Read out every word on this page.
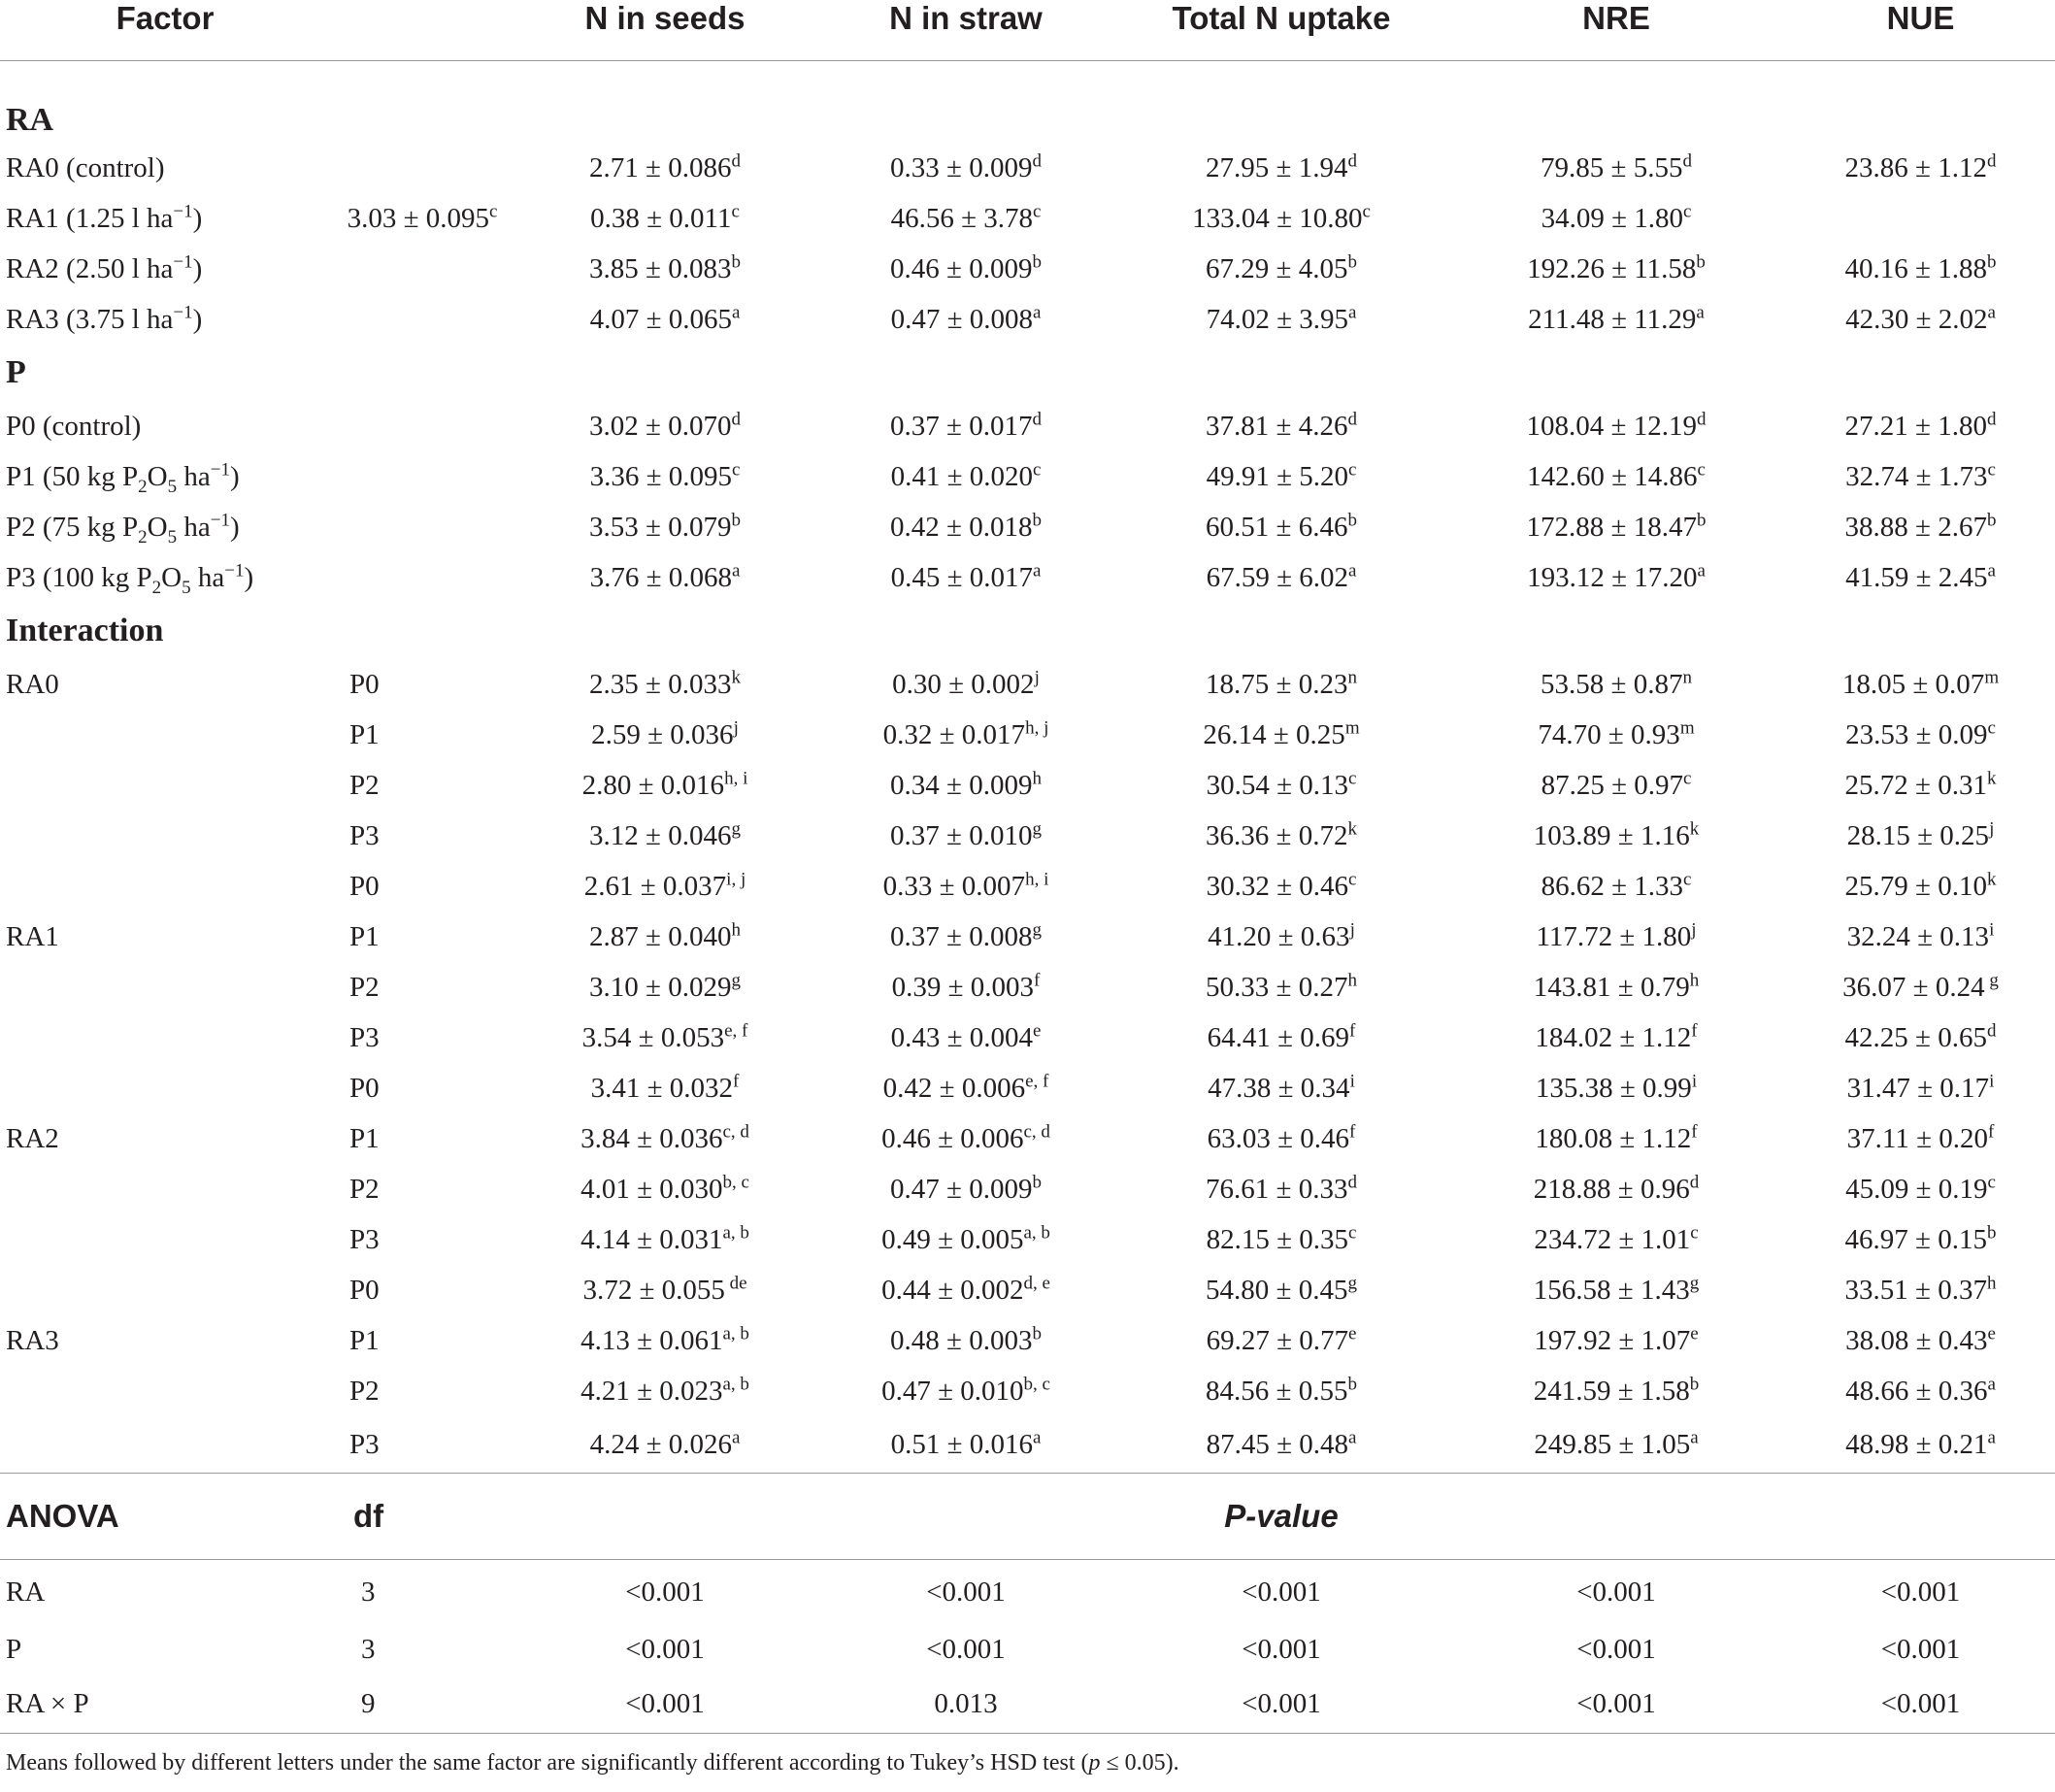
Factor		N in seeds	N in straw	Total N uptake	NRE	NUE
RA						
RA0 (control)		2.71 ± 0.086$^d$	0.33 ± 0.009$^d$	27.95 ± 1.94$^d$	79.85 ± 5.55$^d$	23.86 ± 1.12$^d$
RA1 (1.25 l $ha^{-1}$)	3.03 ± 0.095$^c$	0.38 ± 0.011$^c$	46.56 ± 3.78$^c$	133.04 ± 10.80$^c$	34.09 ± 1.80$^c$	
RA2 (2.50 l $ha^{-1}$)		3.85 ± 0.083$^b$	0.46 ± 0.009$^b$	67.29 ± 4.05$^b$	192.26 ± 11.58$^b$	40.16 ± 1.88$^b$
RA3 (3.75 l $ha^{-1}$)		4.07 ± 0.065$^a$	0.47 ± 0.008$^a$	74.02 ± 3.95$^a$	211.48 ± 11.29$^a$	42.30 ± 2.02$^a$
P						
P0 (control)		3.02 ± 0.070$^d$	0.37 ± 0.017$^d$	37.81 ± 4.26$^d$	108.04 ± 12.19$^d$	27.21 ± 1.80$^d$
P1 (50 kg $P_2O_5$ $ha^{-1}$)		3.36 ± 0.095$^c$	0.41 ± 0.020$^c$	49.91 ± 5.20$^c$	142.60 ± 14.86$^c$	32.74 ± 1.73$^c$
P2 (75 kg $P_2O_5$ $ha^{-1}$)		3.53 ± 0.079$^b$	0.42 ± 0.018$^b$	60.51 ± 6.46$^b$	172.88 ± 18.47$^b$	38.88 ± 2.67$^b$
P3 (100 kg $P_2O_5$ $ha^{-1}$)		3.76 ± 0.068$^a$	0.45 ± 0.017$^a$	67.59 ± 6.02$^a$	193.12 ± 17.20$^a$	41.59 ± 2.45$^a$
Interaction						
RA0	P0	$2.35 \pm 0.033^k$	$0.30 \pm 0.002^j$	$18.75 \pm 0.23^n$	$53.58 \pm 0.87^n$	$18.05 \pm 0.07^m$
	P1	$2.59 \pm 0.036^j$	$0.32 \pm 0.017^{h, j}$	$26.14 \pm 0.25^m$	$74.70 \pm 0.93^m$	23.53 ± 0.09$^c$
	P2	$2.80 \pm 0.016^{h, i}$	0.34 ± 0.009$^h$	30.54 ± 0.13$^c$	87.25 ± 0.97$^c$	$25.72 \pm 0.31^k$
	P3	3.12 ± 0.046$^g$	0.37 ± 0.010$^g$	$36.36 \pm 0.72^k$	$103.89 \pm 1.16^k$	$28.15 \pm 0.25^j$
	P0	$2.61 \pm 0.037^{i, j}$	$0.33 \pm 0.007^{h, i}$	30.32 ± 0.46$^c$	86.62 ± 1.33$^c$	$25.79 \pm 0.10^k$
RA1	P1	2.87 ± 0.040$^h$	0.37 ± 0.008$^g$	$41.20 \pm 0.63^j$	$117.72 \pm 1.80^j$	$32.24 \pm 0.13^i$
	P2	3.10 ± 0.029$^g$	0.39 ± 0.003$^f$	50.33 ± 0.27$^h$	143.81 ± 0.79$^h$	36.07 ± 0.24 $^g$
	P3	$3.54 \pm 0.053^{e, f}$	0.43 ± 0.004$^e$	64.41 ± 0.69$^f$	184.02 ± 1.12$^f$	42.25 ± 0.65$^d$
	P0	3.41 ± 0.032$^f$	$0.42 \pm 0.006^{e, f}$	$47.38 \pm 0.34^i$	$135.38 \pm 0.99^i$	$31.47 \pm 0.17^i$
RA2	P1	$3.84 \pm 0.036^{c, d}$	$0.46 \pm 0.006^{c, d}$	63.03 ± 0.46$^f$	180.08 ± 1.12$^f$	37.11 ± 0.20$^f$
	P2	$4.01 \pm 0.030^{b, c}$	0.47 ± 0.009$^b$	76.61 ± 0.33$^d$	218.88 ± 0.96$^d$	45.09 ± 0.19$^c$
	P3	$4.14 \pm 0.031^{a, b}$	$0.49 \pm 0.005^{a, b}$	82.15 ± 0.35$^c$	234.72 ± 1.01$^c$	46.97 ± 0.15$^b$
	P0	3.72 ± 0.055 $^{de}$	$0.44 \pm 0.002^{d, e}$	54.80 ± 0.45$^g$	156.58 ± 1.43$^g$	33.51 ± 0.37$^h$
RA3	P1	$4.13 \pm 0.061^{a, b}$	0.48 ± 0.003$^b$	69.27 ± 0.77$^e$	197.92 ± 1.07$^e$	38.08 ± 0.43$^e$
	P2	$4.21 \pm 0.023^{a, b}$	$0.47 \pm 0.010^{b, c}$	84.56 ± 0.55$^b$	241.59 ± 1.58$^b$	48.66 ± 0.36$^a$
	P3	4.24 ± 0.026$^a$	0.51 ± 0.016$^a$	87.45 ± 0.48$^a$	249.85 ± 1.05$^a$	48.98 ± 0.21$^a$
ANOVA	df			P-value		
RA	3	<0.001	<0.001	<0.001	<0.001	<0.001
P	3	<0.001	<0.001	<0.001	<0.001	<0.001
RA × P	9	<0.001	0.013	<0.001	<0.001	<0.001
Means followed by different letters under the same factor are significantly different according to Tukey’s HSD test (p ≤ 0.05).						
